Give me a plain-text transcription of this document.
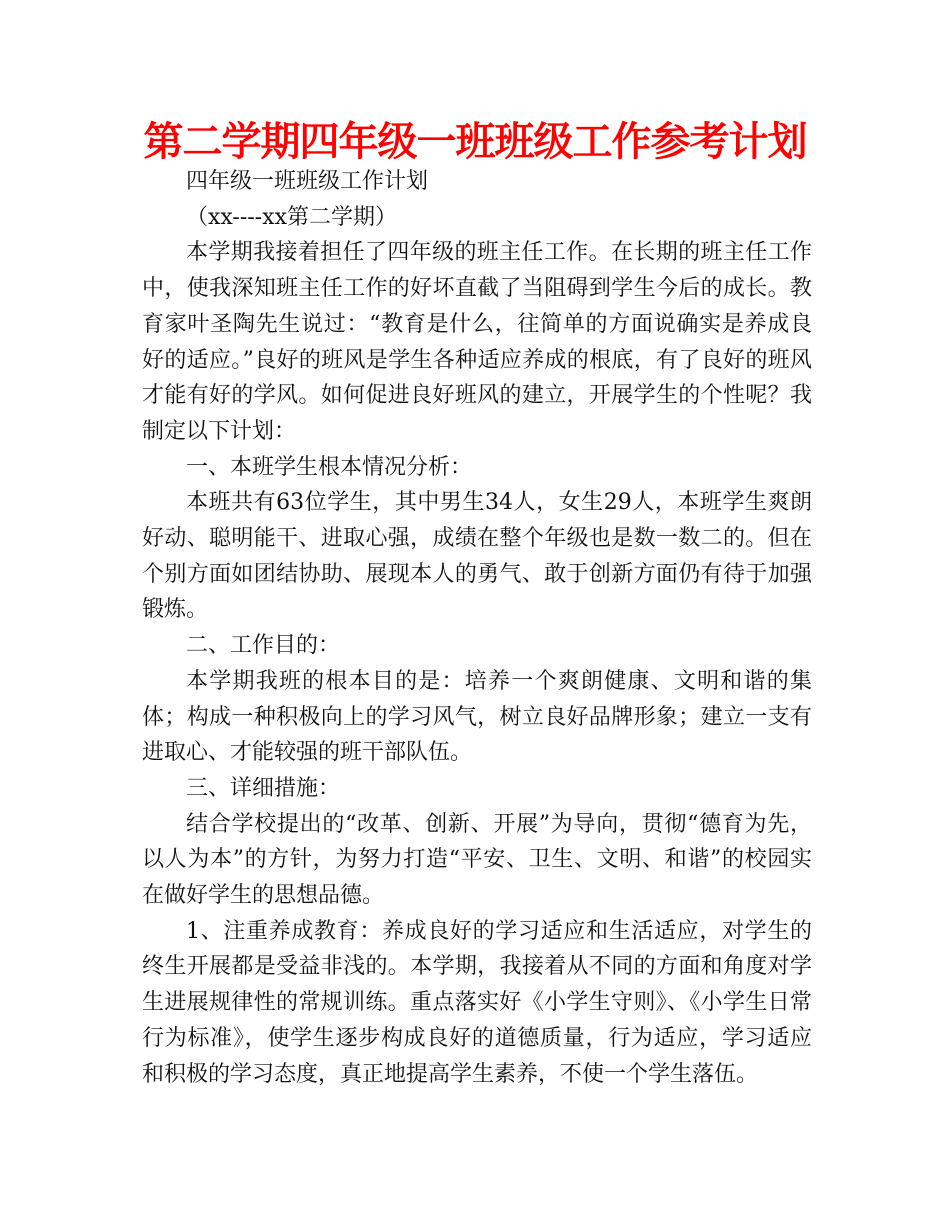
第二学期四年级一班班级工作参考计划

四年级一班班级工作计划

（xx----xx第二学期）

本学期我接着担任了四年级的班主任工作。在长期的班主任工作中，使我深知班主任工作的好坏直截了当阻碍到学生今后的成长。教育家叶圣陶先生说过：“教育是什么，往简单的方面说确实是养成良好的适应。”良好的班风是学生各种适应养成的根底，有了良好的班风才能有好的学风。如何促进良好班风的建立，开展学生的个性呢？我制定以下计划：

一、本班学生根本情况分析：

本班共有63位学生，其中男生34人，女生29人，本班学生爽朗好动、聪明能干、进取心强，成绩在整个年级也是数一数二的。但在个别方面如团结协助、展现本人的勇气、敢于创新方面仍有待于加强锻炼。

二、工作目的：

本学期我班的根本目的是：培养一个爽朗健康、文明和谐的集体；构成一种积极向上的学习风气，树立良好品牌形象；建立一支有进取心、才能较强的班干部队伍。

三、详细措施：

结合学校提出的“改革、创新、开展”为导向，贯彻“德育为先，以人为本”的方针，为努力打造“平安、卫生、文明、和谐”的校园实在做好学生的思想品德。

1、注重养成教育：养成良好的学习适应和生活适应，对学生的终生开展都是受益非浅的。本学期，我接着从不同的方面和角度对学生进展规律性的常规训练。重点落实好《小学生守则》、《小学生日常行为标准》，使学生逐步构成良好的道德质量，行为适应，学习适应和积极的学习态度，真正地提高学生素养，不使一个学生落伍。
